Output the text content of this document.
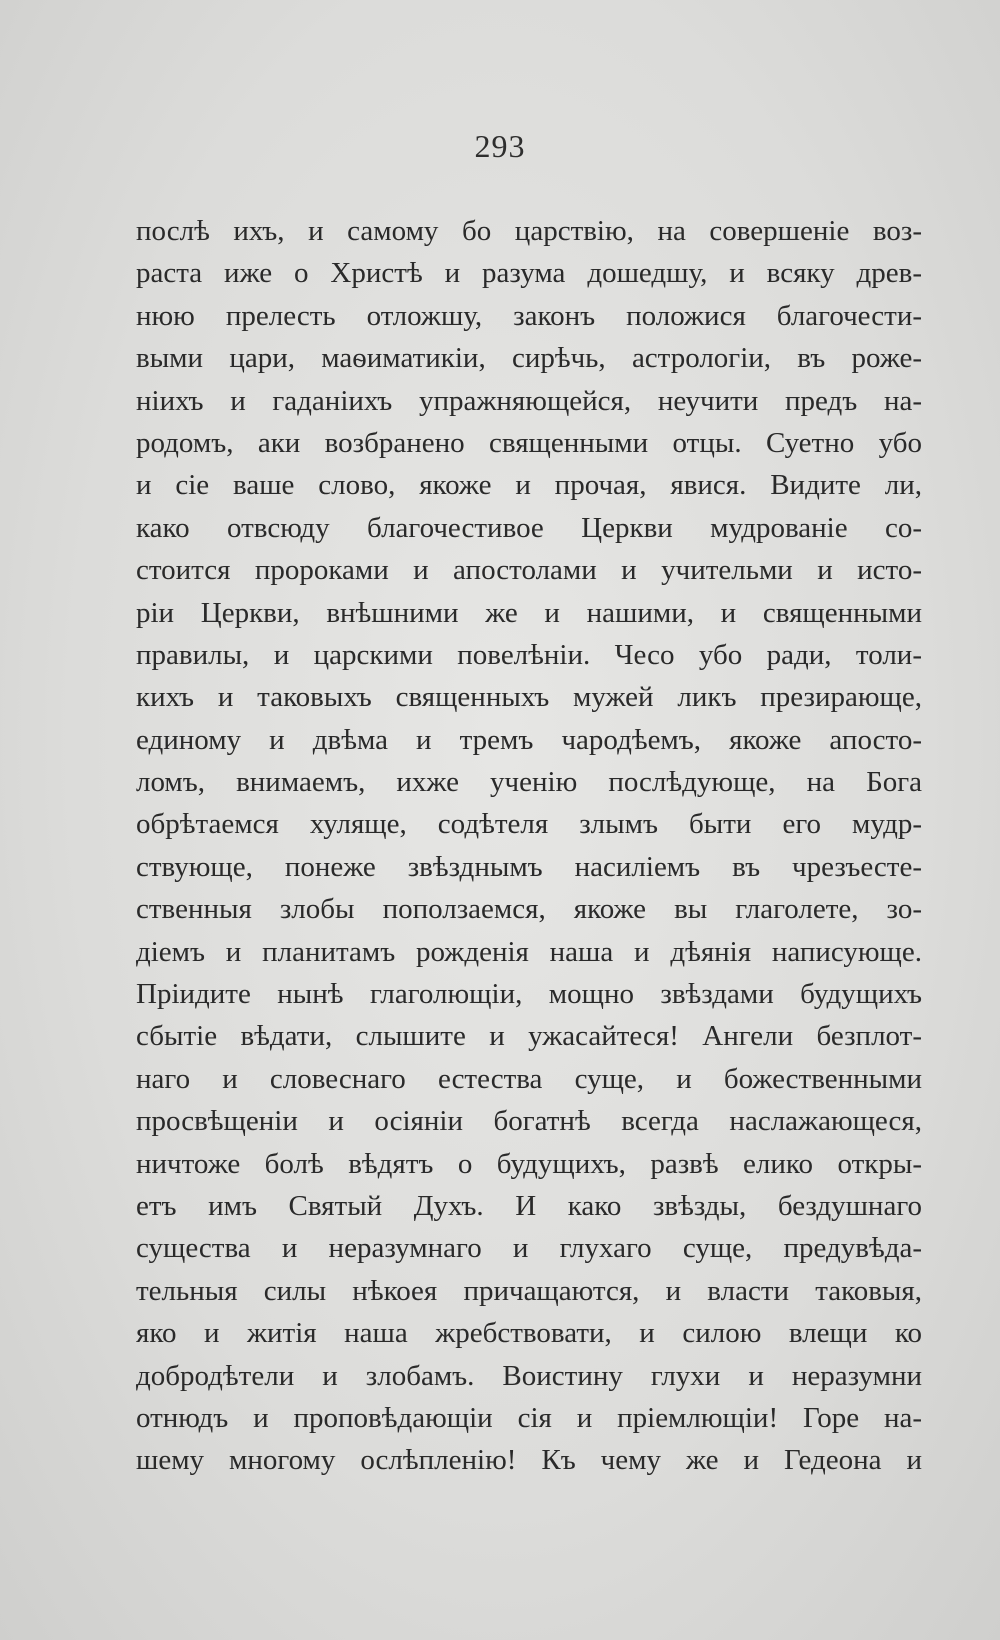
293
послѣ ихъ, и самому бо царствію, на совершеніе воз-
раста иже о Христѣ и разума дошедшу, и всяку древ-
нюю прелесть отложшу, законъ положися благочести-
выми цари, маѳиматикіи, сирѣчь, астрологіи, въ роже-
ніихъ и гаданіихъ упражняющейся, неучити предъ на-
родомъ, аки возбранено священными отцы. Суетно убо
и сіе ваше слово, якоже и прочая, явися. Видите ли,
како отвсюду благочестивое Церкви мудрованіе со-
стоится пророками и апостолами и учительми и исто-
ріи Церкви, внѣшними же и нашими, и священными
правилы, и царскими повелѣніи. Чесо убо ради, толи-
кихъ и таковыхъ священныхъ мужей ликъ презирающе,
единому и двѣма и тремъ чародѣемъ, якоже апосто-
ломъ, внимаемъ, ихже ученію послѣдующе, на Бога
обрѣтаемся хуляще, содѣтеля злымъ быти его мудр-
ствующе, понеже звѣзднымъ насиліемъ въ чрезъесте-
ственныя злобы поползаемся, якоже вы глаголете, зо-
діемъ и планитамъ рожденія наша и дѣянія написующе.
Пріидите нынѣ глаголющіи, мощно звѣздами будущихъ
сбытіе вѣдати, слышите и ужасайтеся! Ангели безплот-
наго и словеснаго естества суще, и божественными
просвѣщеніи и осіяніи богатнѣ всегда наслажающеся,
ничтоже болѣ вѣдятъ о будущихъ, развѣ елико откры-
етъ имъ Святый Духъ. И како звѣзды, бездушнаго
существа и неразумнаго и глухаго суще, предувѣда-
тельныя силы нѣкоея причащаются, и власти таковыя,
яко и житія наша жребствовати, и силою влещи ко
добродѣтели и злобамъ. Воистину глухи и неразумни
отнюдъ и проповѣдающіи сія и пріемлющіи! Горе на-
шему многому ослѣпленію! Къ чему же и Гедеона и
